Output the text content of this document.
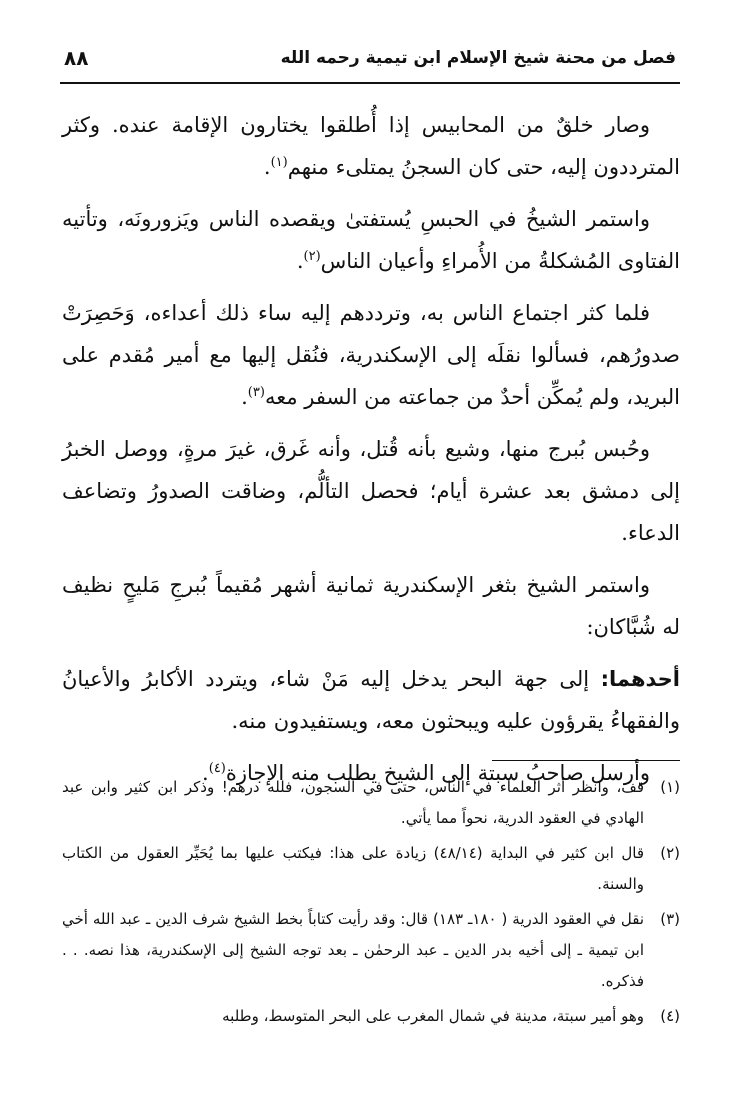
فصل من محنة شيخ الإسلام ابن تيمية رحمه الله
٨٨

وصار خلقٌ من المحابيس إذا أُطلقوا يختارون الإقامة عنده. وكثر المترددون إليه، حتى كان السجنُ يمتلىء منهم$^{(١)}$.

واستمر الشيخُ في الحبسِ يُستفتىٰ ويقصده الناس ويَزورونَه، وتأتيه الفتاوى المُشكلةُ من الأُمراءِ وأعيان الناس$^{(٢)}$.

فلما كثر اجتماع الناس به، وترددهم إليه ساء ذلك أعداءه، وَحَصِرَتْ صدورُهم، فسألوا نقلَه إلى الإسكندرية، فنُقل إليها مع أمير مُقدم على البريد، ولم يُمكِّن أحدٌ من جماعته من السفر معه$^{(٣)}$.

وحُبس بُبرج منها، وشيع بأنه قُتل، وأنه غَرق، غيرَ مرةٍ، ووصل الخبرُ إلى دمشق بعد عشرة أيام؛ فحصل التألُّم، وضاقت الصدورُ وتضاعف الدعاء.

واستمر الشيخ بثغر الإسكندرية ثمانية أشهر مُقيماً بُبرجِ مَليحٍ نظيف له شُبَّاكان:

أحدهما: إلى جهة البحر يدخل إليه مَنْ شاء، ويتردد الأكابرُ والأعيانُ والفقهاءُ يقرؤون عليه ويبحثون معه، ويستفيدون منه.

وأرسل صاحبُ سبتة إلى الشيخ يطلب منه الإجازة$^{(٤)}$.

(١)
قف، وانظر أثر العلماء في الناس، حتى في السجون، فلله درهم! وذكر ابن كثير وابن عبد الهادي في العقود الدرية، نحواً مما يأتي.

(٢)
قال ابن كثير في البداية (٤٨/١٤) زيادة على هذا: فيكتب عليها بما يُحَيِّر العقول من الكتاب والسنة.

(٣)
نقل في العقود الدرية ( ١٨٠ـ ١٨٣) قال: وقد رأيت كتاباً بخط الشيخ شرف الدين ـ عبد الله أخي ابن تيمية ـ إلى أخيه بدر الدين ـ عبد الرحمٰن ـ بعد توجه الشيخ إلى الإسكندرية، هذا نصه. . . فذكره.

(٤)
وهو أمير سبتة، مدينة في شمال المغرب على البحر المتوسط، وطلبه
